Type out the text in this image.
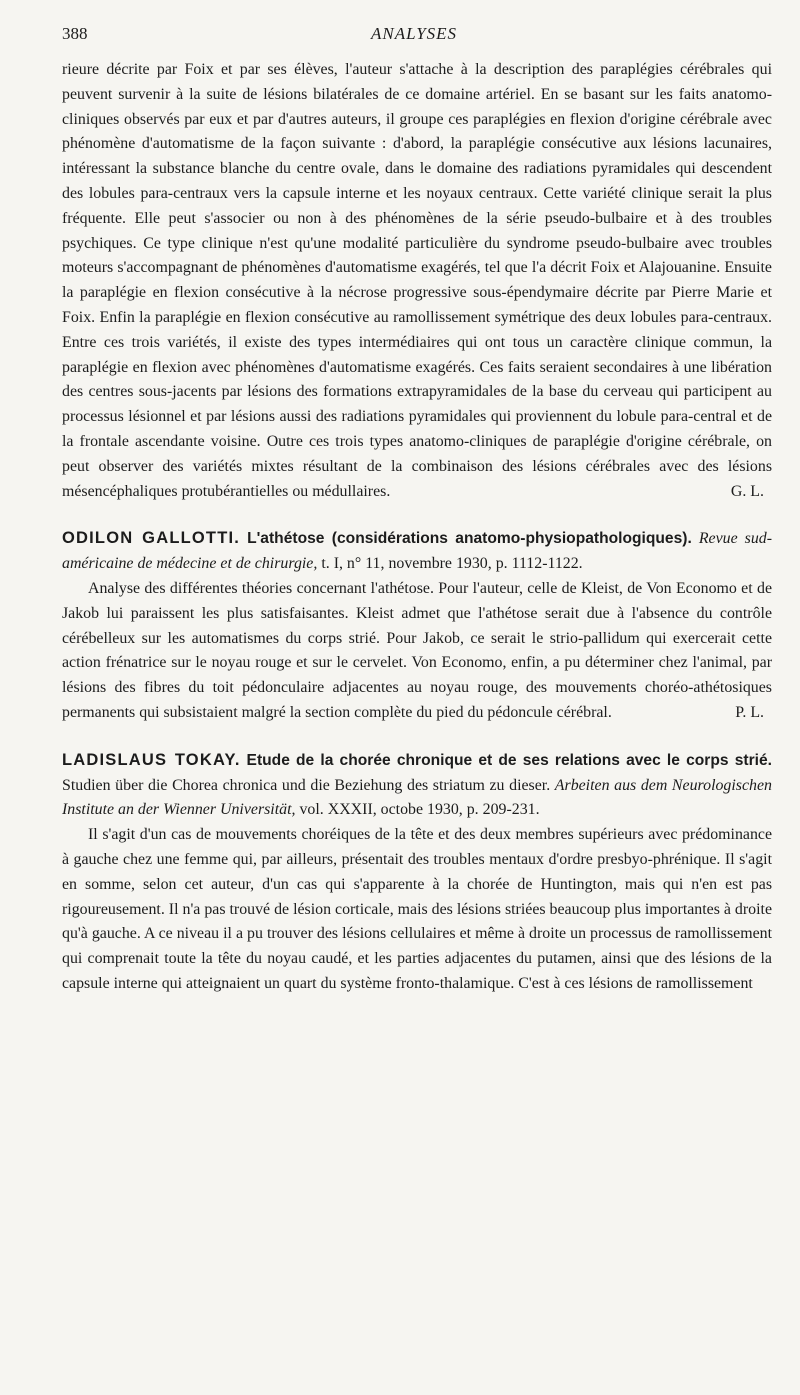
388	ANALYSES

rieure décrite par Foix et par ses élèves, l'auteur s'attache à la description des paraplégies cérébrales qui peuvent survenir à la suite de lésions bilatérales de ce domaine artériel. En se basant sur les faits anatomo-cliniques observés par eux et par d'autres auteurs, il groupe ces paraplégies en flexion d'origine cérébrale avec phénomène d'automatisme de la façon suivante : d'abord, la paraplégie consécutive aux lésions lacunaires, intéressant la substance blanche du centre ovale, dans le domaine des radiations pyramidales qui descendent des lobules para-centraux vers la capsule interne et les noyaux centraux. Cette variété clinique serait la plus fréquente. Elle peut s'associer ou non à des phénomènes de la série pseudo-bulbaire et à des troubles psychiques. Ce type clinique n'est qu'une modalité particulière du syndrome pseudo-bulbaire avec troubles moteurs s'accompagnant de phénomènes d'automatisme exagérés, tel que l'a décrit Foix et Alajouanine. Ensuite la paraplégie en flexion consécutive à la nécrose progressive sous-épendymaire décrite par Pierre Marie et Foix. Enfin la paraplégie en flexion consécutive au ramollissement symétrique des deux lobules para-centraux. Entre ces trois variétés, il existe des types intermédiaires qui ont tous un caractère clinique commun, la paraplégie en flexion avec phénomènes d'automatisme exagérés. Ces faits seraient secondaires à une libération des centres sous-jacents par lésions des formations extrapyramidales de la base du cerveau qui participent au processus lésionnel et par lésions aussi des radiations pyramidales qui proviennent du lobule para-central et de la frontale ascendante voisine. Outre ces trois types anatomo-cliniques de paraplégie d'origine cérébrale, on peut observer des variétés mixtes résultant de la combinaison des lésions cérébrales avec des lésions mésencéphaliques protubérantielles ou médullaires.	G. L.

ODILON GALLOTTI. L'athétose (considérations anatomo-physiopathologiques). Revue sud-américaine de médecine et de chirurgie, t. I, n° 11, novembre 1930, p. 1112-1122.

Analyse des différentes théories concernant l'athétose. Pour l'auteur, celle de Kleist, de Von Economo et de Jakob lui paraissent les plus satisfaisantes. Kleist admet que l'athétose serait due à l'absence du contrôle cérébelleux sur les automatismes du corps strié. Pour Jakob, ce serait le strio-pallidum qui exercerait cette action frénatrice sur le noyau rouge et sur le cervelet. Von Economo, enfin, a pu déterminer chez l'animal, par lésions des fibres du toit pédonculaire adjacentes au noyau rouge, des mouvements choréo-athétosiques permanents qui subsistaient malgré la section complète du pied du pédoncule cérébral.	P. L.

LADISLAUS TOKAY. Etude de la chorée chronique et de ses relations avec le corps strié. Studien über die Chorea chronica und die Beziehung des striatum zu dieser. Arbeiten aus dem Neurologischen Institute an der Wienner Universität, vol. XXXII, octobe 1930, p. 209-231.

Il s'agit d'un cas de mouvements choréiques de la tête et des deux membres supérieurs avec prédominance à gauche chez une femme qui, par ailleurs, présentait des troubles mentaux d'ordre presbyo-phrénique. Il s'agit en somme, selon cet auteur, d'un cas qui s'apparente à la chorée de Huntington, mais qui n'en est pas rigoureusement. Il n'a pas trouvé de lésion corticale, mais des lésions striées beaucoup plus importantes à droite qu'à gauche. A ce niveau il a pu trouver des lésions cellulaires et même à droite un processus de ramollissement qui comprenait toute la tête du noyau caudé, et les parties adjacentes du putamen, ainsi que des lésions de la capsule interne qui atteignaient un quart du système fronto-thalamique. C'est à ces lésions de ramollissement
